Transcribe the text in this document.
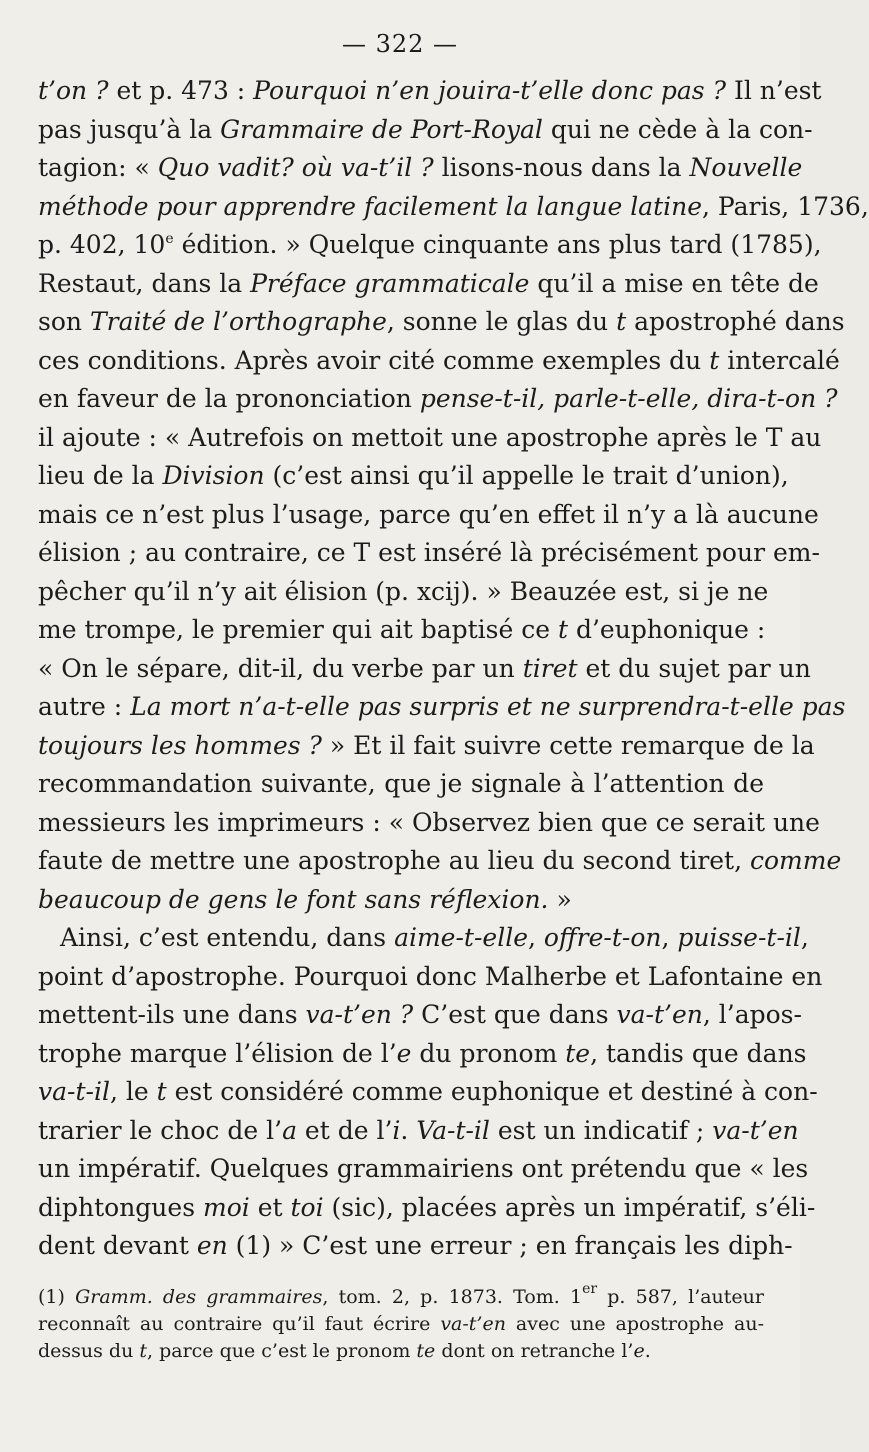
— 322 —
t’on ? et p. 473 : Pourquoi n’en jouira-t’elle donc pas ? Il n’est
pas jusqu’à la Grammaire de Port-Royal qui ne cède à la con-
tagion: « Quo vadit? où va-t’il ? lisons-nous dans la Nouvelle
méthode pour apprendre facilement la langue latine, Paris, 1736,
p. 402, 10e édition. » Quelque cinquante ans plus tard (1785),
Restaut, dans la Préface grammaticale qu’il a mise en tête de
son Traité de l’orthographe, sonne le glas du t apostrophé dans
ces conditions. Après avoir cité comme exemples du t intercalé
en faveur de la prononciation pense-t-il, parle-t-elle, dira-t-on ?
il ajoute : « Autrefois on mettoit une apostrophe après le T au
lieu de la Division (c’est ainsi qu’il appelle le trait d’union),
mais ce n’est plus l’usage, parce qu’en effet il n’y a là aucune
élision ; au contraire, ce T est inséré là précisément pour em-
pêcher qu’il n’y ait élision (p. xcij). » Beauzée est, si je ne
me trompe, le premier qui ait baptisé ce t d’euphonique :
« On le sépare, dit-il, du verbe par un tiret et du sujet par un
autre : La mort n’a-t-elle pas surpris et ne surprendra-t-elle pas
toujours les hommes ? » Et il fait suivre cette remarque de la
recommandation suivante, que je signale à l’attention de
messieurs les imprimeurs : « Observez bien que ce serait une
faute de mettre une apostrophe au lieu du second tiret, comme
beaucoup de gens le font sans réflexion. »
Ainsi, c’est entendu, dans aime-t-elle, offre-t-on, puisse-t-il,
point d’apostrophe. Pourquoi donc Malherbe et Lafontaine en
mettent-ils une dans va-t’en ? C’est que dans va-t’en, l’apos-
trophe marque l’élision de l’e du pronom te, tandis que dans
va-t-il, le t est considéré comme euphonique et destiné à con-
trarier le choc de l’a et de l’i. Va-t-il est un indicatif ; va-t’en
un impératif. Quelques grammairiens ont prétendu que « les
diphtongues moi et toi (sic), placées après un impératif, s’éli-
dent devant en (1) » C’est une erreur ; en français les diph-
(1) Gramm. des grammaires, tom. 2, p. 1873. Tom. 1er p. 587, l’auteur
reconnaît au contraire qu’il faut écrire va-t’en avec une apostrophe au-
dessus du t, parce que c’est le pronom te dont on retranche l’e.
